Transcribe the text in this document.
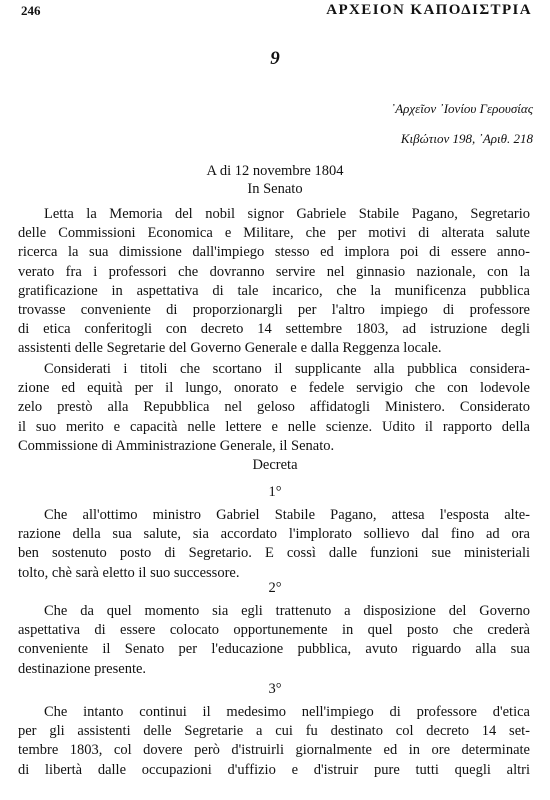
246	ΑΡΧΕΙΟΝ ΚΑΠΟΔΙΣΤΡΙΑ
9
᾿Αρχεῖον ᾿Ιονίου Γερουσίας
Κιβώτιον 198, ᾿Αριθ. 218
A di 12 novembre 1804
In Senato
Letta la Memoria del nobil signor Gabriele Stabile Pagano, Segretario
delle Commissioni Economica e Militare, che per motivi di alterata salute
ricerca la sua dimissione dall'impiego stesso ed implora poi di essere anno-
verato fra i professori che dovranno servire nel ginnasio nazionale, con la
gratificazione in aspettativa di tale incarico, che la munificenza pubblica
trovasse conveniente di proporzionargli per l'altro impiego di professore
di etica conferitogli con decreto 14 settembre 1803, ad istruzione degli
assistenti delle Segretarie del Governo Generale e dalla Reggenza locale.
Considerati i titoli che scortano il supplicante alla pubblica considera-
zione ed equità per il lungo, onorato e fedele servigio che con lodevole
zelo prestò alla Repubblica nel geloso affidatogli Ministero. Considerato
il suo merito e capacità nelle lettere e nelle scienze. Udito il rapporto della
Commissione di Amministrazione Generale, il Senato.
Decreta
1°
Che all'ottimo ministro Gabriel Stabile Pagano, attesa l'esposta alte-
razione della sua salute, sia accordato l'implorato sollievo dal fino ad ora
ben sostenuto posto di Segretario. E cossì dalle funzioni sue ministeriali
tolto, chè sarà eletto il suo successore.
2°
Che da quel momento sia egli trattenuto a disposizione del Governo
aspettativa di essere colocato opportunemente in quel posto che crederà
conveniente il Senato per l'educazione pubblica, avuto riguardo alla sua
destinazione presente.
3°
Che intanto continui il medesimo nell'impiego di professore d'etica
per gli assistenti delle Segretarie a cui fu destinato col decreto 14 set-
tembre 1803, col dovere però d'istruirli giornalmente ed in ore determinate
di libertà dalle occupazioni d'uffizio e d'istruir pure tutti quegli altri
